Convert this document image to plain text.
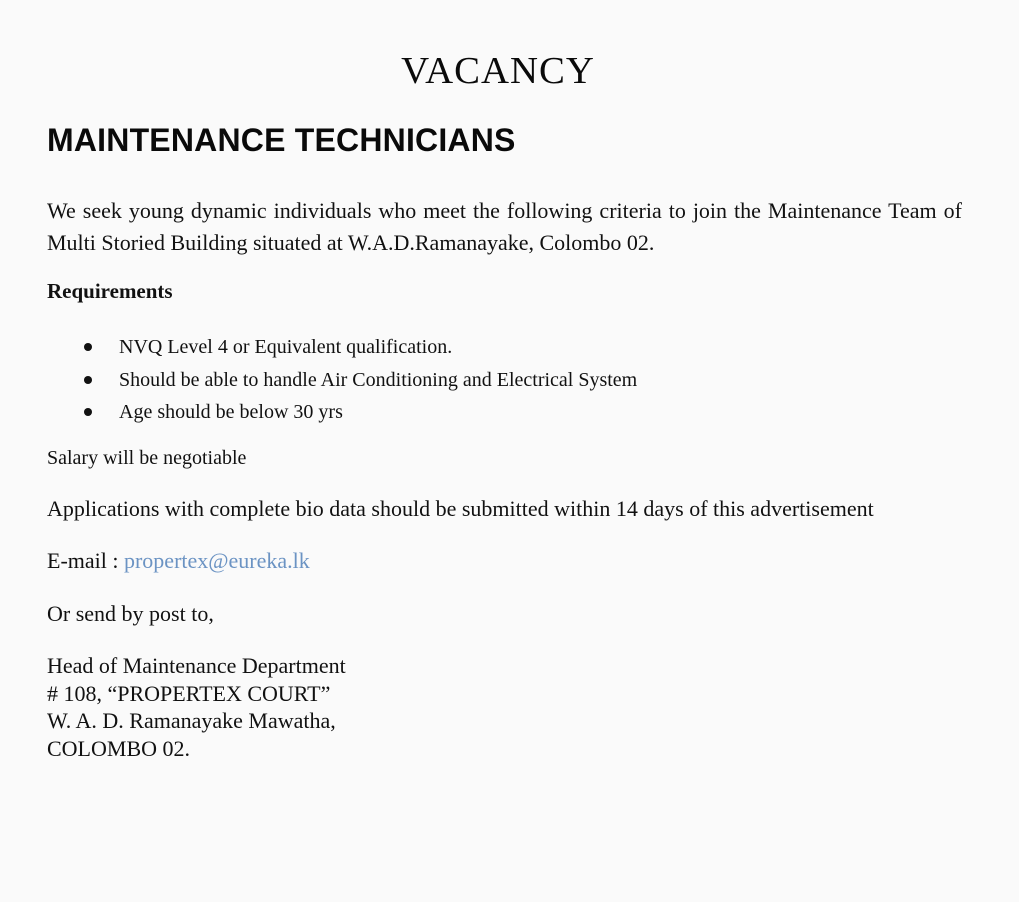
VACANCY
MAINTENANCE TECHNICIANS

We seek young dynamic individuals who meet the following criteria to join the Maintenance Team of Multi Storied Building situated at W.A.D.Ramanayake, Colombo 02.

Requirements
NVQ Level 4 or Equivalent qualification.
Should be able to handle Air Conditioning and Electrical System
Age should be below 30 yrs

Salary will be negotiable

Applications with complete bio data should be submitted within 14 days of this advertisement

E-mail : propertex@eureka.lk

Or send by post to,

Head of Maintenance Department
# 108, “PROPERTEX COURT”
W. A. D. Ramanayake Mawatha,
COLOMBO 02.
